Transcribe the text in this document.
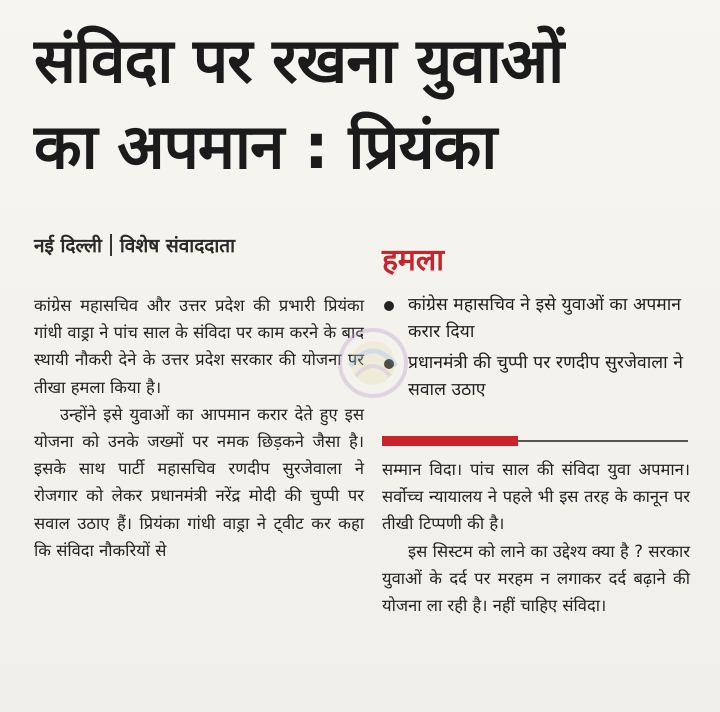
संविदा पर रखना युवाओं
का अपमान : प्रियंका
नई दिल्ली विशेष संवाददाता

कांग्रेस महासचिव और उत्तर प्रदेश की प्रभारी प्रियंका गांधी वाड्रा ने पांच साल के संविदा पर काम करने के बाद स्थायी नौकरी देने के उत्तर प्रदेश सरकार की योजना पर तीखा हमला किया है।

उन्होंने इसे युवाओं का आपमान करार देते हुए इस योजना को उनके जख्मों पर नमक छिड़कने जैसा है। इसके साथ पार्टी महासचिव रणदीप सुरजेवाला ने रोजगार को लेकर प्रधानमंत्री नरेंद्र मोदी की चुप्पी पर सवाल उठाए हैं। प्रियंका गांधी वाड्रा ने ट्वीट कर कहा कि संविदा नौकरियों से

हमला
कांग्रेस महासचिव ने इसे युवाओं का अपमान करार दिया
प्रधानमंत्री की चुप्पी पर रणदीप सुरजेवाला ने सवाल उठाए

सम्मान विदा। पांच साल की संविदा युवा अपमान। सर्वोच्च न्यायालय ने पहले भी इस तरह के कानून पर तीखी टिप्पणी की है।

इस सिस्टम को लाने का उद्देश्य क्या है ? सरकार युवाओं के दर्द पर मरहम न लगाकर दर्द बढ़ाने की योजना ला रही है। नहीं चाहिए संविदा।
